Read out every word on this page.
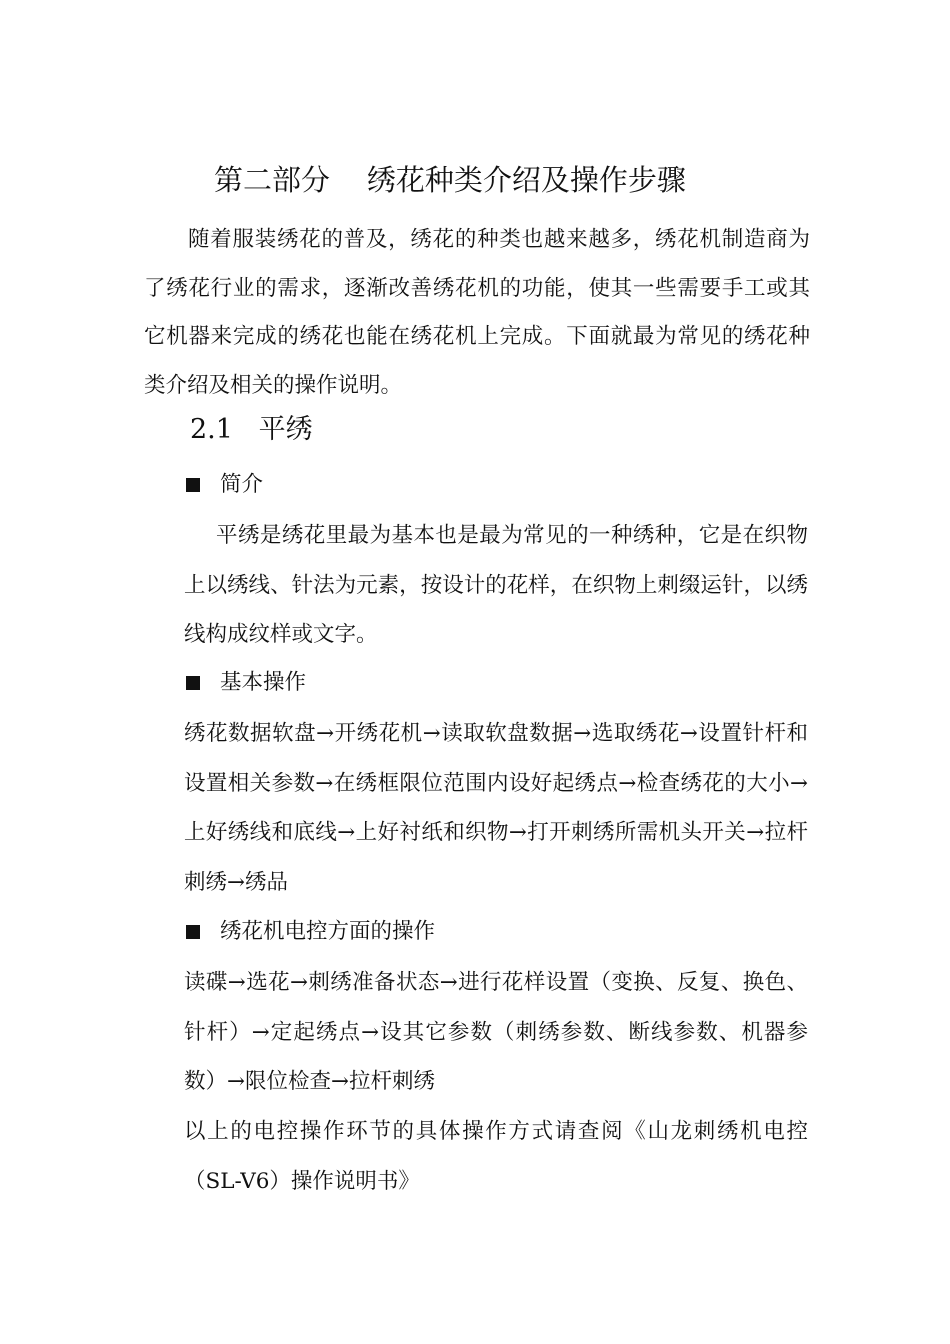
第二部分    绣花种类介绍及操作步骤

随着服装绣花的普及，绣花的种类也越来越多，绣花机制造商为了绣花行业的需求，逐渐改善绣花机的功能，使其一些需要手工或其它机器来完成的绣花也能在绣花机上完成。下面就最为常见的绣花种类介绍及相关的操作说明。

2.1   平绣
简介

平绣是绣花里最为基本也是最为常见的一种绣种，它是在织物上以绣线、针法为元素，按设计的花样，在织物上刺缀运针，以绣线构成纹样或文字。

基本操作

绣花数据软盘→开绣花机→读取软盘数据→选取绣花→设置针杆和设置相关参数→在绣框限位范围内设好起绣点→检查绣花的大小→上好绣线和底线→上好衬纸和织物→打开刺绣所需机头开关→拉杆刺绣→绣品

绣花机电控方面的操作

读碟→选花→刺绣准备状态→进行花样设置（变换、反复、换色、针杆）→定起绣点→设其它参数（刺绣参数、断线参数、机器参数）→限位检查→拉杆刺绣

以上的电控操作环节的具体操作方式请查阅《山龙刺绣机电控（SL-V6）操作说明书》
